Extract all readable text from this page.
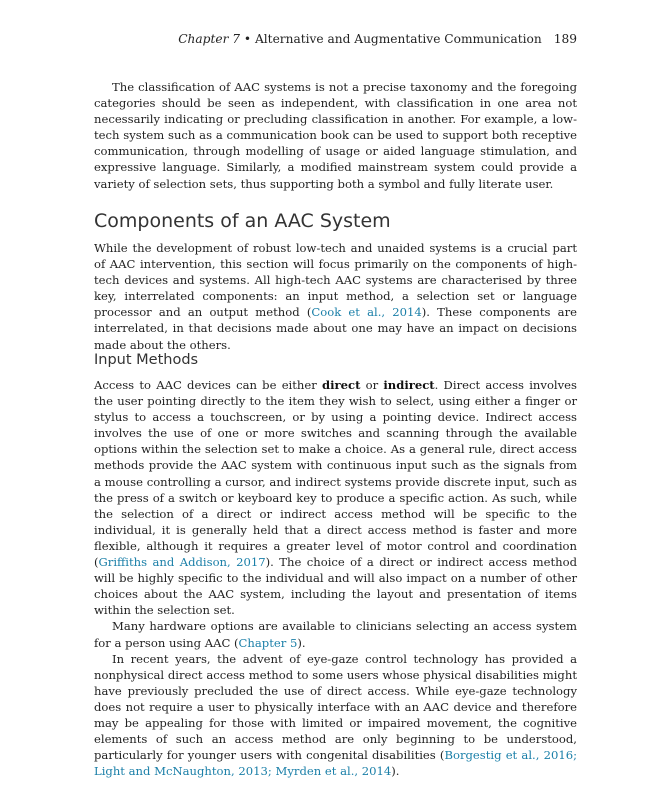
Chapter 7 • Alternative and Augmentative Communication 189

The classification of AAC systems is not a precise taxonomy and the foregoing categories should be seen as independent, with classification in one area not necessarily indicating or precluding classification in another. For example, a low-tech system such as a communication book can be used to support both receptive communication, through modelling of usage or aided language stimulation, and expressive language. Similarly, a modified mainstream system could provide a variety of selection sets, thus supporting both a symbol and fully literate user.

Components of an AAC System

While the development of robust low-tech and unaided systems is a crucial part of AAC intervention, this section will focus primarily on the components of high-tech devices and systems. All high-tech AAC systems are characterised by three key, interrelated components: an input method, a selection set or language processor and an output method (Cook et al., 2014). These components are interrelated, in that decisions made about one may have an impact on decisions made about the others.

Input Methods

Access to AAC devices can be either direct or indirect. Direct access involves the user pointing directly to the item they wish to select, using either a finger or stylus to access a touchscreen, or by using a pointing device. Indirect access involves the use of one or more switches and scanning through the available options within the selection set to make a choice. As a general rule, direct access methods provide the AAC system with continuous input such as the signals from a mouse controlling a cursor, and indirect systems provide discrete input, such as the press of a switch or keyboard key to produce a specific action. As such, while the selection of a direct or indirect access method will be specific to the individual, it is generally held that a direct access method is faster and more flexible, although it requires a greater level of motor control and coordination (Griffiths and Addison, 2017). The choice of a direct or indirect access method will be highly specific to the individual and will also impact on a number of other choices about the AAC system, including the layout and presentation of items within the selection set.

Many hardware options are available to clinicians selecting an access system for a person using AAC (Chapter 5).

In recent years, the advent of eye-gaze control technology has provided a nonphysical direct access method to some users whose physical disabilities might have previously precluded the use of direct access. While eye-gaze technology does not require a user to physically interface with an AAC device and therefore may be appealing for those with limited or impaired movement, the cognitive elements of such an access method are only beginning to be understood, particularly for younger users with congenital disabilities (Borgestig et al., 2016; Light and McNaughton, 2013; Myrden et al., 2014).
